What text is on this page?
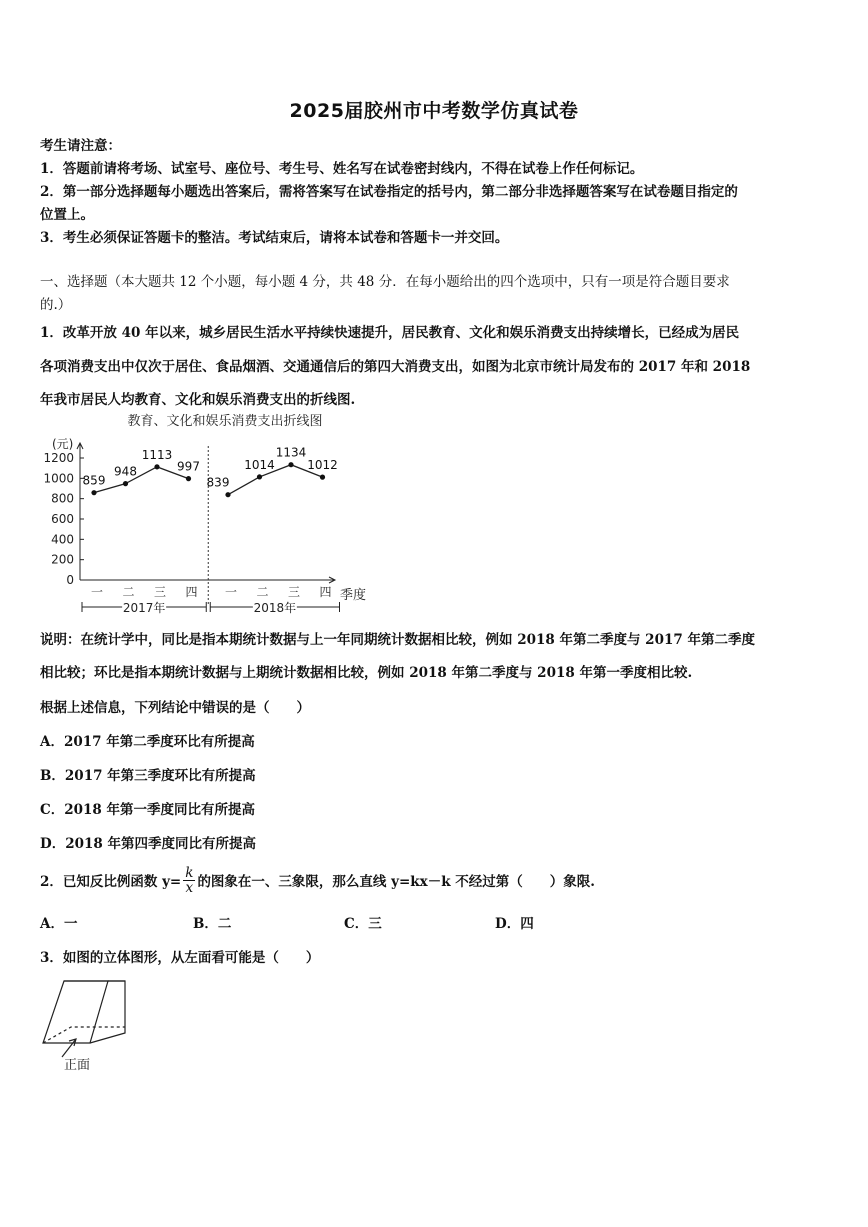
2025届胶州市中考数学仿真试卷
考生请注意：
1．答题前请将考场、试室号、座位号、考生号、姓名写在试卷密封线内，不得在试卷上作任何标记。
2．第一部分选择题每小题选出答案后，需将答案写在试卷指定的括号内，第二部分非选择题答案写在试卷题目指定的
位置上。
3．考生必须保证答题卡的整洁。考试结束后，请将本试卷和答题卡一并交回。
一、选择题（本大题共 12 个小题，每小题 4 分，共 48 分．在每小题给出的四个选项中，只有一项是符合题目要求
的.）
1．改革开放 40 年以来，城乡居民生活水平持续快速提升，居民教育、文化和娱乐消费支出持续增长，已经成为居民
各项消费支出中仅次于居住、食品烟酒、交通通信后的第四大消费支出，如图为北京市统计局发布的 2017 年和 2018
年我市居民人均教育、文化和娱乐消费支出的折线图.
教育、文化和娱乐消费支出折线图
(元)
季度
1200
1000
800
600
400
200
0
一 二 三 四 一 二 三 四
2017年	2018年
859
948
1113
997
839
1014
1134
1012
说明：在统计学中，同比是指本期统计数据与上一年同期统计数据相比较，例如 2018 年第二季度与 2017 年第二季度
相比较；环比是指本期统计数据与上期统计数据相比较，例如 2018 年第二季度与 2018 年第一季度相比较.
根据上述信息，下列结论中错误的是（　　）
A．2017 年第二季度环比有所提高
B．2017 年第三季度环比有所提高
C．2018 年第一季度同比有所提高
D．2018 年第四季度同比有所提高
2．已知反比例函数 $y= \frac{k}{x}$ 的图象在一、三象限，那么直线 y=kx－k 不经过第（　　）象限.
A．一	B．二	C．三	D．四
3．如图的立体图形，从左面看可能是（　　）
正面
